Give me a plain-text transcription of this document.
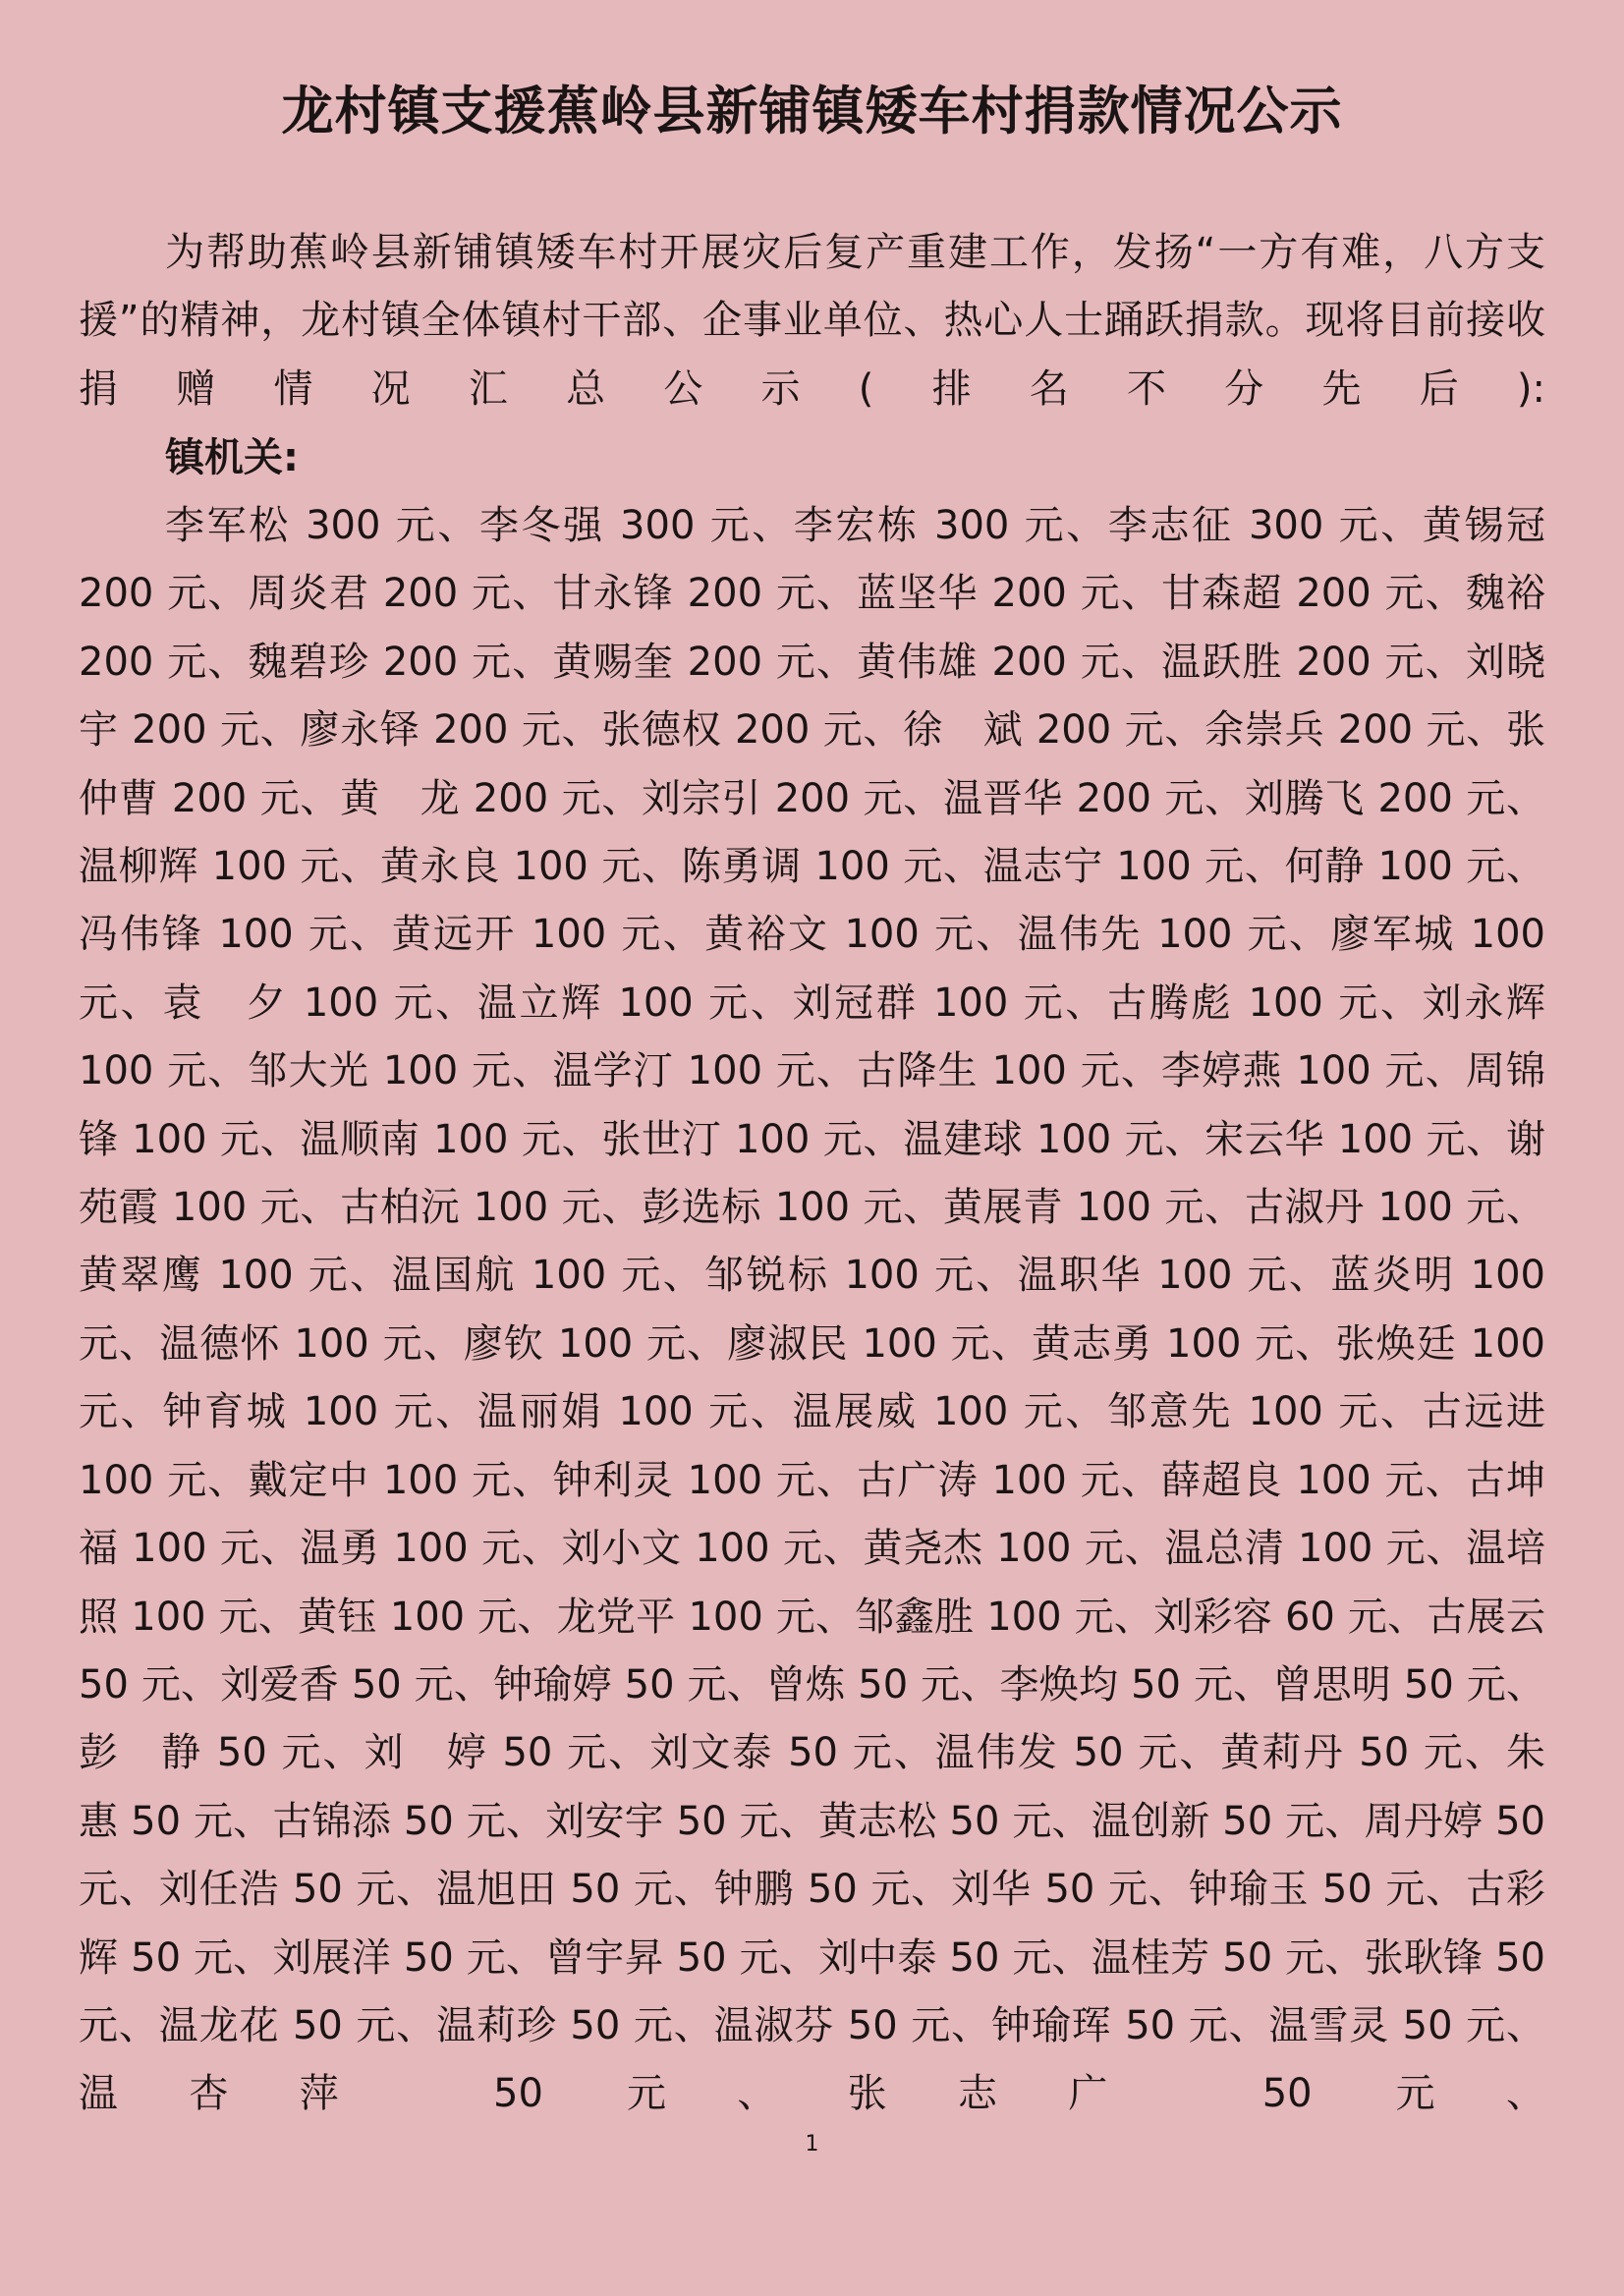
龙村镇支援蕉岭县新铺镇矮车村捐款情况公示
为帮助蕉岭县新铺镇矮车村开展灾后复产重建工作，发扬“一方有难，八方支援”的精神，龙村镇全体镇村干部、企事业单位、热心人士踊跃捐款。现将目前接收捐赠情况汇总公示(排名不分先后):
镇机关:
李军松 300 元、李冬强 300 元、李宏栋 300 元、李志征 300 元、黄锡冠 200 元、周炎君 200 元、甘永锋 200 元、蓝坚华 200 元、甘森超 200 元、魏裕 200 元、魏碧珍 200 元、黄赐奎 200 元、黄伟雄 200 元、温跃胜 200 元、刘晓宇 200 元、廖永铎 200 元、张德权 200 元、徐　斌 200 元、余崇兵 200 元、张仲曹 200 元、黄　龙 200 元、刘宗引 200 元、温晋华 200 元、刘腾飞 200 元、温柳辉 100 元、黄永良 100 元、陈勇调 100 元、温志宁 100 元、何静 100 元、冯伟锋 100 元、黄远开 100 元、黄裕文 100 元、温伟先 100 元、廖军城 100 元、袁　夕 100 元、温立辉 100 元、刘冠群 100 元、古腾彪 100 元、刘永辉 100 元、邹大光 100 元、温学汀 100 元、古降生 100 元、李婷燕 100 元、周锦锋 100 元、温顺南 100 元、张世汀 100 元、温建球 100 元、宋云华 100 元、谢苑霞 100 元、古柏沅 100 元、彭选标 100 元、黄展青 100 元、古淑丹 100 元、黄翠鹰 100 元、温国航 100 元、邹锐标 100 元、温职华 100 元、蓝炎明 100 元、温德怀 100 元、廖钦 100 元、廖淑民 100 元、黄志勇 100 元、张焕廷 100 元、钟育城 100 元、温丽娟 100 元、温展威 100 元、邹意先 100 元、古远进 100 元、戴定中 100 元、钟利灵 100 元、古广涛 100 元、薛超良 100 元、古坤福 100 元、温勇 100 元、刘小文 100 元、黄尧杰 100 元、温总清 100 元、温培照 100 元、黄钰 100 元、龙党平 100 元、邹鑫胜 100 元、刘彩容 60 元、古展云 50 元、刘爱香 50 元、钟瑜婷 50 元、曾炼 50 元、李焕均 50 元、曾思明 50 元、彭　静 50 元、刘　婷 50 元、刘文泰 50 元、温伟发 50 元、黄莉丹 50 元、朱　惠 50 元、古锦添 50 元、刘安宇 50 元、黄志松 50 元、温创新 50 元、周丹婷 50 元、刘任浩 50 元、温旭田 50 元、钟鹏 50 元、刘华 50 元、钟瑜玉 50 元、古彩辉 50 元、刘展洋 50 元、曾宇昇 50 元、刘中泰 50 元、温桂芳 50 元、张耿锋 50 元、温龙花 50 元、温莉珍 50 元、温淑芬 50 元、钟瑜珲 50 元、温雪灵 50 元、温杏萍 50 元、张志广 50 元、
1
